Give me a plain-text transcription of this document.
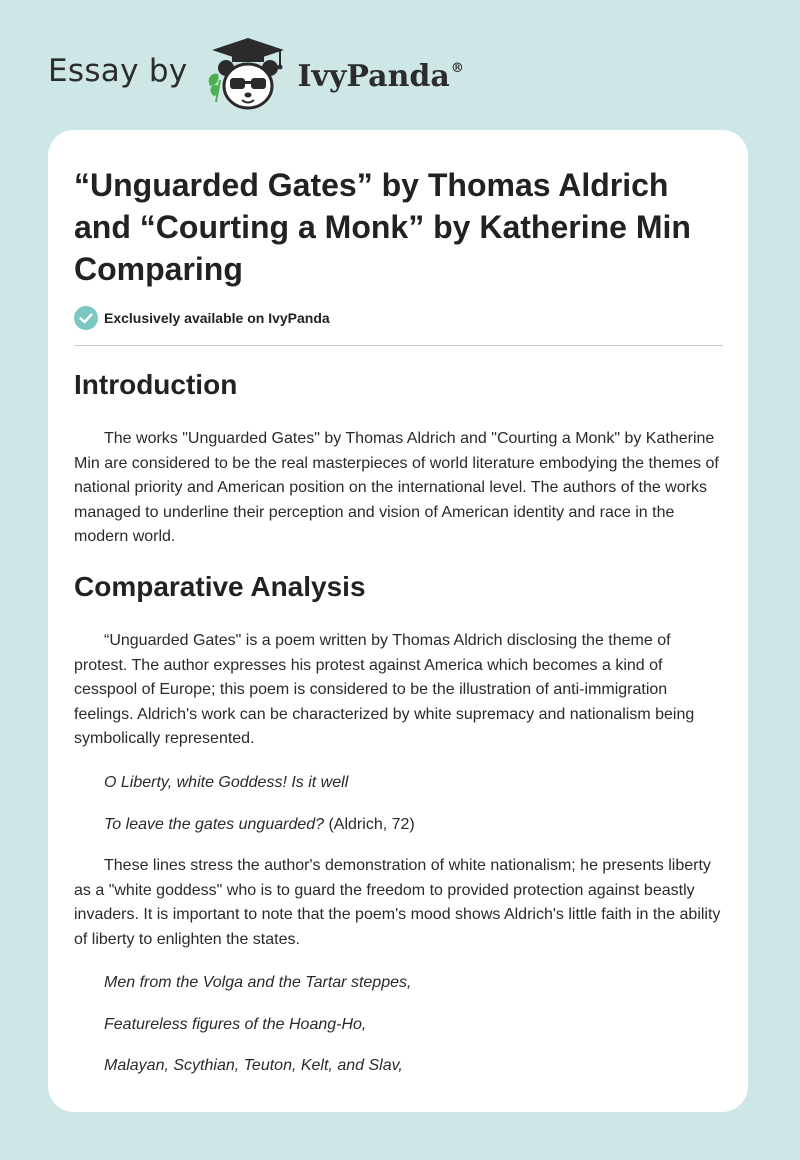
Essay by	IvyPanda®
“Unguarded Gates” by Thomas Aldrich and “Courting a Monk” by Katherine Min Comparing
Exclusively available on IvyPanda
Introduction

The works "Unguarded Gates" by Thomas Aldrich and "Courting a Monk" by Katherine Min are considered to be the real masterpieces of world literature embodying the themes of national priority and American position on the international level. The authors of the works managed to underline their perception and vision of American identity and race in the modern world.

Comparative Analysis

“Unguarded Gates" is a poem written by Thomas Aldrich disclosing the theme of protest. The author expresses his protest against America which becomes a kind of cesspool of Europe; this poem is considered to be the illustration of anti-immigration feelings. Aldrich's work can be characterized by white supremacy and nationalism being symbolically represented.

O Liberty, white Goddess! Is it well

To leave the gates unguarded? (Aldrich, 72)

These lines stress the author's demonstration of white nationalism; he presents liberty as a "white goddess" who is to guard the freedom to provided protection against beastly invaders. It is important to note that the poem's mood shows Aldrich's little faith in the ability of liberty to enlighten the states.

Men from the Volga and the Tartar steppes,

Featureless figures of the Hoang-Ho,

Malayan, Scythian, Teuton, Kelt, and Slav,
